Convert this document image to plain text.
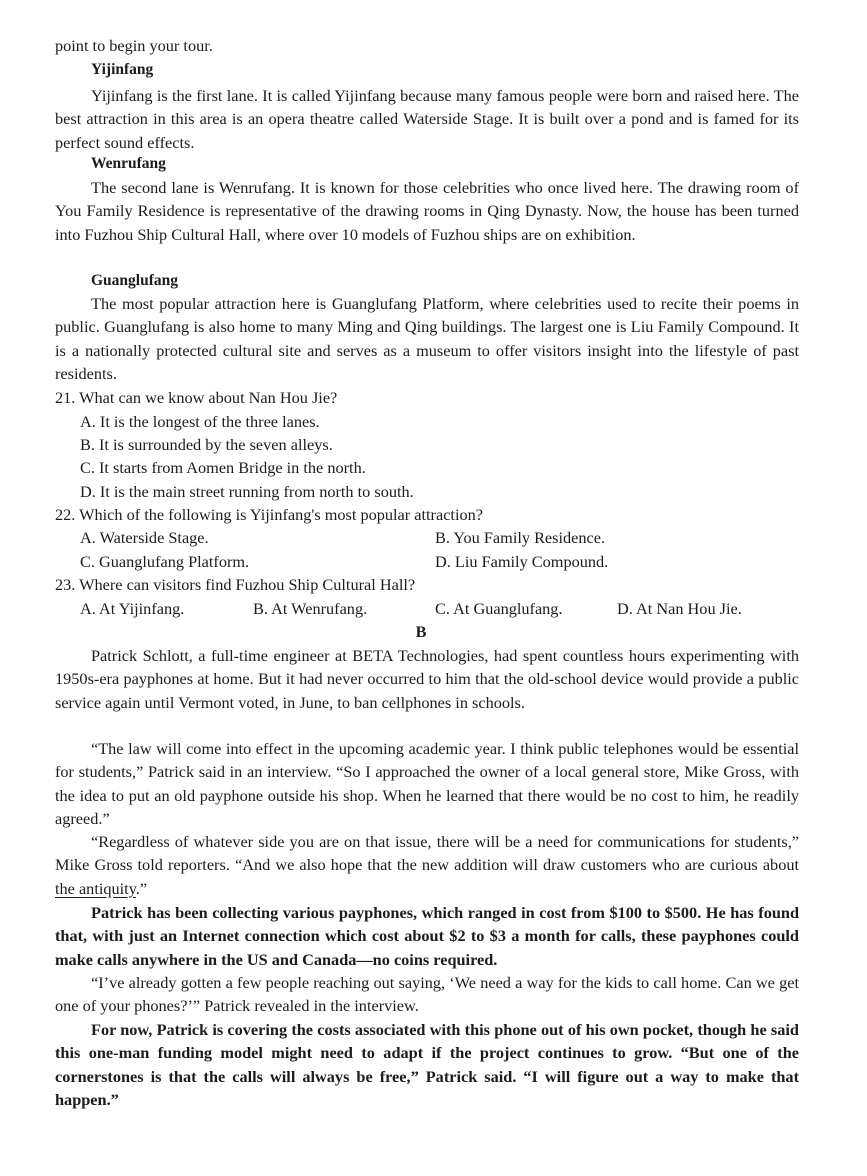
point to begin your tour.
Yijinfang

Yijinfang is the first lane. It is called Yijinfang because many famous people were born and raised here. The best attraction in this area is an opera theatre called Waterside Stage. It is built over a pond and is famed for its perfect sound effects.

Wenrufang

The second lane is Wenrufang. It is known for those celebrities who once lived here. The drawing room of You Family Residence is representative of the drawing rooms in Qing Dynasty. Now, the house has been turned into Fuzhou Ship Cultural Hall, where over 10 models of Fuzhou ships are on exhibition.

Guanglufang

The most popular attraction here is Guanglufang Platform, where celebrities used to recite their poems in public. Guanglufang is also home to many Ming and Qing buildings. The largest one is Liu Family Compound. It is a nationally protected cultural site and serves as a museum to offer visitors insight into the lifestyle of past residents.

21. What can we know about Nan Hou Jie?
A. It is the longest of the three lanes.
B. It is surrounded by the seven alleys.
C. It starts from Aomen Bridge in the north.
D. It is the main street running from north to south.
22. Which of the following is Yijinfang's most popular attraction?
A. Waterside Stage.	B. You Family Residence.
C. Guanglufang Platform.	D. Liu Family Compound.
23. Where can visitors find Fuzhou Ship Cultural Hall?
A. At Yijinfang.	B. At Wenrufang.	C. At Guanglufang.	D. At Nan Hou Jie.
B

Patrick Schlott, a full-time engineer at BETA Technologies, had spent countless hours experimenting with 1950s-era payphones at home. But it had never occurred to him that the old-school device would provide a public service again until Vermont voted, in June, to ban cellphones in schools.

“The law will come into effect in the upcoming academic year. I think public telephones would be essential for students,” Patrick said in an interview. “So I approached the owner of a local general store, Mike Gross, with the idea to put an old payphone outside his shop. When he learned that there would be no cost to him, he readily agreed.”

“Regardless of whatever side you are on that issue, there will be a need for communications for students,” Mike Gross told reporters. “And we also hope that the new addition will draw customers who are curious about the antiquity.”

Patrick has been collecting various payphones, which ranged in cost from $100 to $500. He has found that, with just an Internet connection which cost about $2 to $3 a month for calls, these payphones could make calls anywhere in the US and Canada—no coins required.

“I’ve already gotten a few people reaching out saying, ‘We need a way for the kids to call home. Can we get one of your phones?’” Patrick revealed in the interview.

For now, Patrick is covering the costs associated with this phone out of his own pocket, though he said this one-man funding model might need to adapt if the project continues to grow. “But one of the cornerstones is that the calls will always be free,” Patrick said. “I will figure out a way to make that happen.”
